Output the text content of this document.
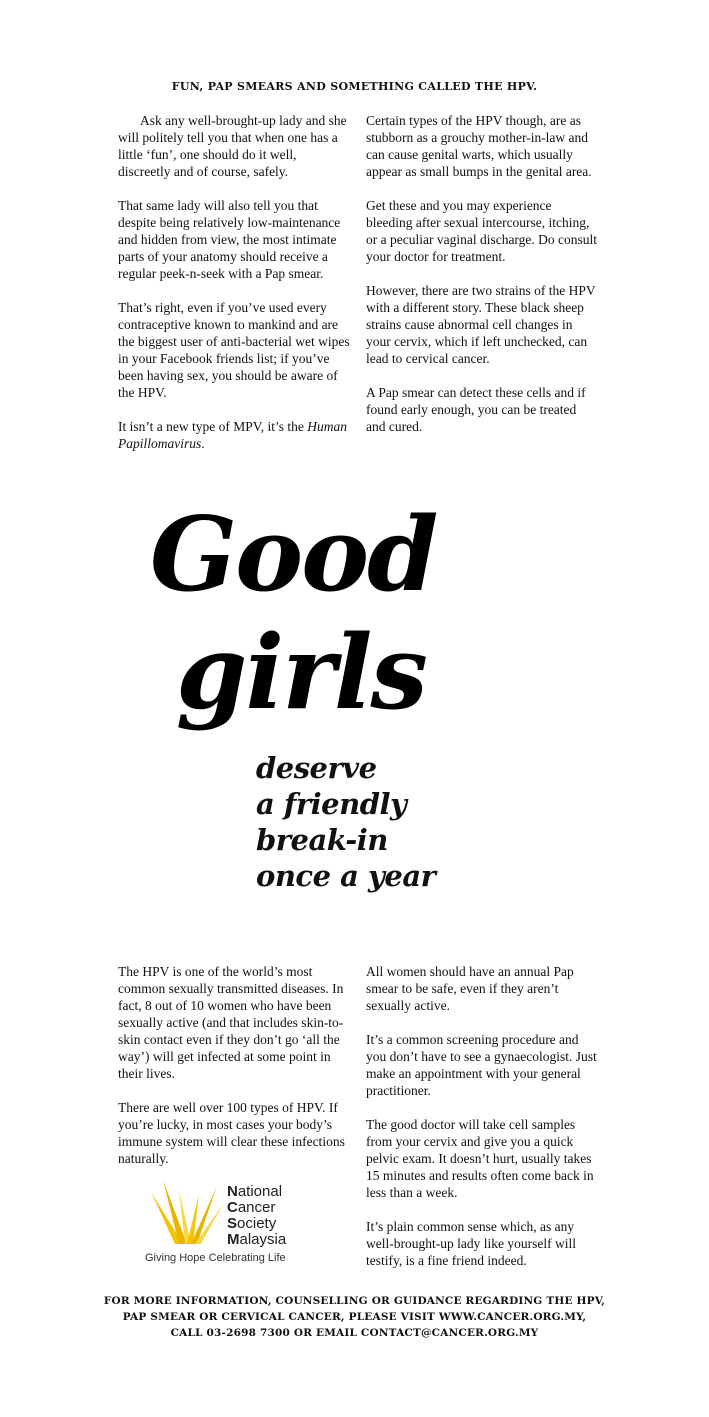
FUN, PAP SMEARS AND SOMETHING CALLED THE HPV.

Ask any well-brought-up lady and she will politely tell you that when one has a little ‘fun’, one should do it well, discreetly and of course, safely.

That same lady will also tell you that despite being relatively low-maintenance and hidden from view, the most intimate parts of your anatomy should receive a regular peek-n-seek with a Pap smear.

That’s right, even if you’ve used every contraceptive known to mankind and are the biggest user of anti-bacterial wet wipes in your Facebook friends list; if you’ve been having sex, you should be aware of the HPV.

It isn’t a new type of MPV, it’s the Human Papillomavirus.

Certain types of the HPV though, are as stubborn as a grouchy mother-in-law and can cause genital warts, which usually appear as small bumps in the genital area.

Get these and you may experience bleeding after sexual intercourse, itching, or a peculiar vaginal discharge. Do consult your doctor for treatment.

However, there are two strains of the HPV with a different story. These black sheep strains cause abnormal cell changes in your cervix, which if left unchecked, can lead to cervical cancer.

A Pap smear can detect these cells and if found early enough, you can be treated and cured.

Good
girls
deserve
a friendly
break-in
once a year

The HPV is one of the world’s most common sexually transmitted diseases. In fact, 8 out of 10 women who have been sexually active (and that includes skin-to-skin contact even if they don’t go ‘all the way’) will get infected at some point in their lives.

There are well over 100 types of HPV. If you’re lucky, in most cases your body’s immune system will clear these infections naturally.

All women should have an annual Pap smear to be safe, even if they aren’t sexually active.

It’s a common screening procedure and you don’t have to see a gynaecologist. Just make an appointment with your general practitioner.

The good doctor will take cell samples from your cervix and give you a quick pelvic exam. It doesn’t hurt, usually takes 15 minutes and results often come back in less than a week.

It’s plain common sense which, as any well-brought-up lady like yourself will testify, is a fine friend indeed.

National
Cancer
Society
Malaysia
Giving Hope Celebrating Life
FOR MORE INFORMATION, COUNSELLING OR GUIDANCE REGARDING THE HPV,
PAP SMEAR OR CERVICAL CANCER, PLEASE VISIT WWW.CANCER.ORG.MY,
CALL 03-2698 7300 OR EMAIL CONTACT@CANCER.ORG.MY
